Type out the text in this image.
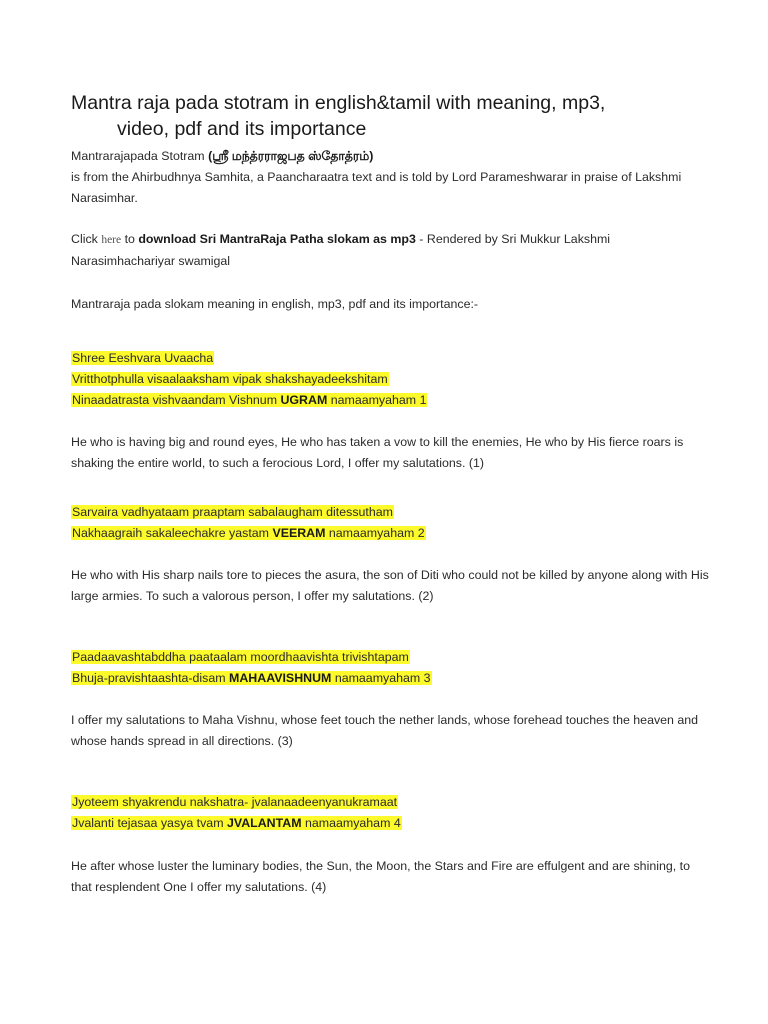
Mantra raja pada stotram in english&tamil with meaning, mp3,
video, pdf and its importance

Mantrarajapada Stotram (ஸ்ரீ மந்த்ரராஜபத ஸ்தோத்ரம்)
is from the Ahirbudhnya Samhita, a Paancharaatra text and is told by Lord Parameshwarar in praise of Lakshmi Narasimhar.

Click here to download Sri MantraRaja Patha slokam as mp3 - Rendered by Sri Mukkur Lakshmi Narasimhachariyar swamigal

Mantraraja pada slokam meaning in english, mp3, pdf and its importance:-

Shree Eeshvara Uvaacha
Vritthotphulla visaalaaksham vipak shakshayadeekshitam
Ninaadatrasta vishvaandam Vishnum UGRAM namaamyaham 1

He who is having big and round eyes, He who has taken a vow to kill the enemies, He who by His fierce roars is shaking the entire world, to such a ferocious Lord, I offer my salutations. (1)

Sarvaira vadhyataam praaptam sabalaugham ditessutham
Nakhaagraih sakaleechakre yastam VEERAM namaamyaham 2

He who with His sharp nails tore to pieces the asura, the son of Diti who could not be killed by anyone along with His large armies. To such a valorous person, I offer my salutations. (2)

Paadaavashtabddha paataalam moordhaavishta trivishtapam
Bhuja-pravishtaashta-disam MAHAAVISHNUM namaamyaham 3

I offer my salutations to Maha Vishnu, whose feet touch the nether lands, whose forehead touches the heaven and whose hands spread in all directions. (3)

Jyoteem shyakrendu nakshatra- jvalanaadeenyanukramaat
Jvalanti tejasaa yasya tvam JVALANTAM namaamyaham 4

He after whose luster the luminary bodies, the Sun, the Moon, the Stars and Fire are effulgent and are shining, to that resplendent One I offer my salutations. (4)
